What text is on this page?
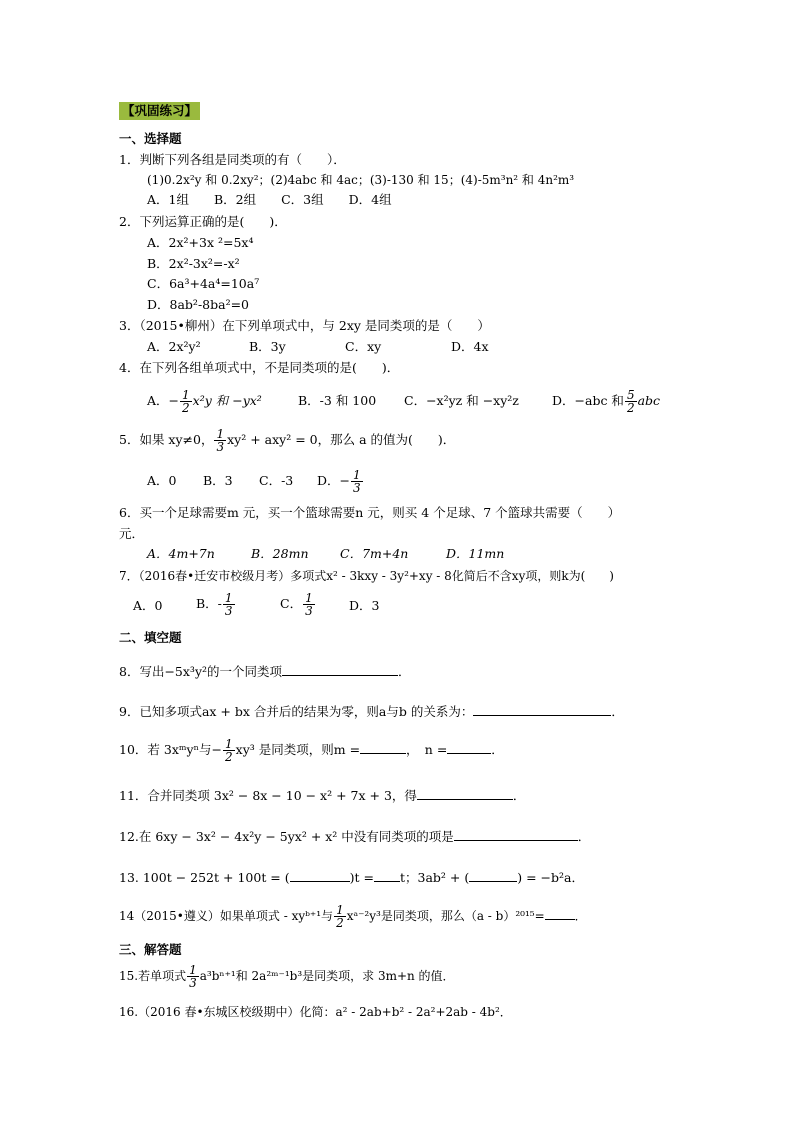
【巩固练习】
一、选择题
1．判断下列各组是同类项的有（　　）．
(1)0.2x²y 和 0.2xy²；(2)4abc 和 4ac；(3)-130 和 15；(4)-5m³n² 和 4n²m³
A．1组　　B．2组　　C．3组　　D．4组
2．下列运算正确的是(　　)．
A．2x²+3x ²=5x⁴
B．2x²-3x²=-x²
C．6a³+4a⁴=10a⁷
D．8ab²-8ba²=0
3．（2015•柳州）在下列单项式中，与 2xy 是同类项的是（　　）
A．2x²y²	B．3y	C．xy	D．4x
4．在下列各组单项式中，不是同类项的是(　　)．
A．− $\frac{1}{2} x^2y$ 和 −yx²	B．-3 和 100 C．−x²yz 和 −xy²z	D．−abc 和 $\frac{5}{2}$ abc
5．如果 xy≠0， $\frac{1}{3} xy^2 + axy^2 = 0$，那么 a 的值为(　　)．
A．0 B．3 C．-3 D．− $\frac{1}{3}$
6．买一个足球需要m 元，买一个篮球需要n 元，则买 4 个足球、7 个篮球共需要（　　）
元．
A．4m+7n	B．28mn	C．7m+4n	D．11mn
7．（2016春•迁安市校级月考）多项式x² - 3kxy - 3y²+xy - 8化简后不含xy项，则k为(　　)
A．0	B．- $\frac{1}{3}$	C． $\frac{1}{3}$	D．3
二、填空题
8．写出−5x³y²的一个同类项	．
9．已知多项式ax + bx 合并后的结果为零，则a与b 的关系为：	．
10．若 3xᵐyⁿ与− $\frac{1}{2} xy^3$ 是同类项，则m =	，　n =	．
11．合并同类项 3x² − 8x − 10 − x² + 7x + 3，得	．
12.在 6xy − 3x² − 4x²y − 5yx² + x² 中没有同类项的项是	．
13. 100t − 252t + 100t = (	)t = t；3ab² + (	) = −b²a．
14（2015•遵义）如果单项式 - xyᵇ⁺¹与 $\frac{1}{2}$ xᵃ⁻²y³是同类项，那么（a - b）²⁰¹⁵=	．
三、解答题
15.若单项式 $\frac{1}{3} a^3b^{n+1}$和 2a²ᵐ⁻¹b³是同类项，求 3m+n 的值．
16.（2016 春•东城区校级期中）化简：a² - 2ab+b² - 2a²+2ab - 4b²．
